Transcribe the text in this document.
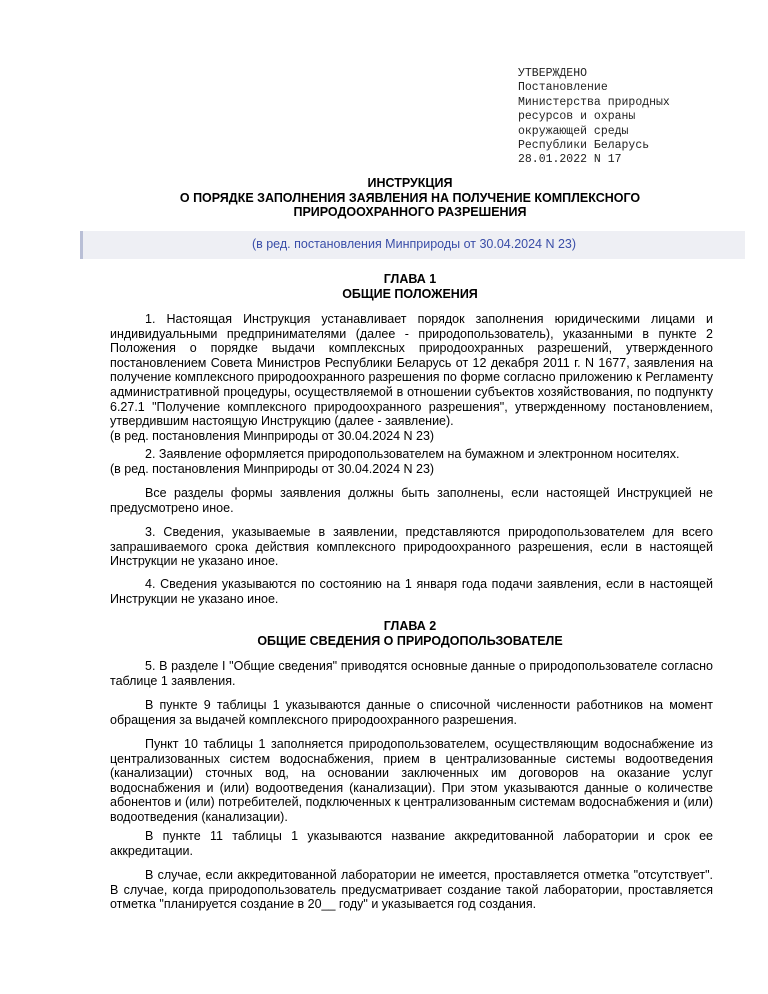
УТВЕРЖДЕНО
Постановление
Министерства природных
ресурсов и охраны
окружающей среды
Республики Беларусь
28.01.2022 N 17
ИНСТРУКЦИЯ
О ПОРЯДКЕ ЗАПОЛНЕНИЯ ЗАЯВЛЕНИЯ НА ПОЛУЧЕНИЕ КОМПЛЕКСНОГО
ПРИРОДООХРАННОГО РАЗРЕШЕНИЯ
(в ред. постановления Минприроды от 30.04.2024 N 23)
ГЛАВА 1
ОБЩИЕ ПОЛОЖЕНИЯ
1. Настоящая Инструкция устанавливает порядок заполнения юридическими лицами и индивидуальными предпринимателями (далее - природопользователь), указанными в пункте 2 Положения о порядке выдачи комплексных природоохранных разрешений, утвержденного постановлением Совета Министров Республики Беларусь от 12 декабря 2011 г. N 1677, заявления на получение комплексного природоохранного разрешения по форме согласно приложению к Регламенту административной процедуры, осуществляемой в отношении субъектов хозяйствования, по подпункту 6.27.1 "Получение комплексного природоохранного разрешения", утвержденному постановлением, утвердившим настоящую Инструкцию (далее - заявление).
(в ред. постановления Минприроды от 30.04.2024 N 23)
2. Заявление оформляется природопользователем на бумажном и электронном носителях.
(в ред. постановления Минприроды от 30.04.2024 N 23)
Все разделы формы заявления должны быть заполнены, если настоящей Инструкцией не предусмотрено иное.
3. Сведения, указываемые в заявлении, представляются природопользователем для всего запрашиваемого срока действия комплексного природоохранного разрешения, если в настоящей Инструкции не указано иное.
4. Сведения указываются по состоянию на 1 января года подачи заявления, если в настоящей Инструкции не указано иное.
ГЛАВА 2
ОБЩИЕ СВЕДЕНИЯ О ПРИРОДОПОЛЬЗОВАТЕЛЕ
5. В разделе I "Общие сведения" приводятся основные данные о природопользователе согласно таблице 1 заявления.
В пункте 9 таблицы 1 указываются данные о списочной численности работников на момент обращения за выдачей комплексного природоохранного разрешения.
Пункт 10 таблицы 1 заполняется природопользователем, осуществляющим водоснабжение из централизованных систем водоснабжения, прием в централизованные системы водоотведения (канализации) сточных вод, на основании заключенных им договоров на оказание услуг водоснабжения и (или) водоотведения (канализации). При этом указываются данные о количестве абонентов и (или) потребителей, подключенных к централизованным системам водоснабжения и (или) водоотведения (канализации).
В пункте 11 таблицы 1 указываются название аккредитованной лаборатории и срок ее аккредитации.
В случае, если аккредитованной лаборатории не имеется, проставляется отметка "отсутствует". В случае, когда природопользователь предусматривает создание такой лаборатории, проставляется отметка "планируется создание в 20__ году" и указывается год создания.
